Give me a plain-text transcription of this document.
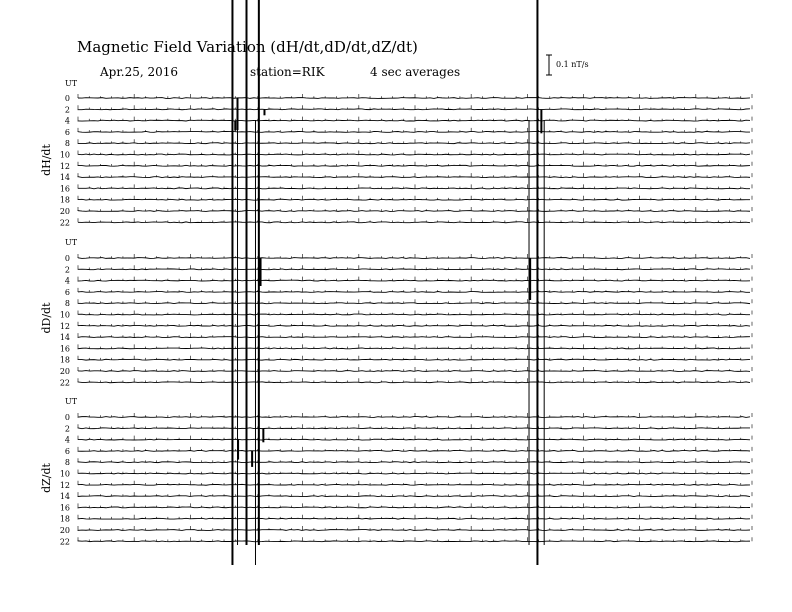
UT
dH/dt
0
2
4
6
8
10
12
14
16
18
20
22
UT
dD/dt
0
2
4
6
8
10
12
14
16
18
20
22
UT
dZ/dt
0
2
4
6
8
10
12
14
16
18
20
22
Magnetic Field Variation (dH/dt,dD/dt,dZ/dt)
Apr.25, 2016	station=RIK	4 sec averages
0.1 nT/s
